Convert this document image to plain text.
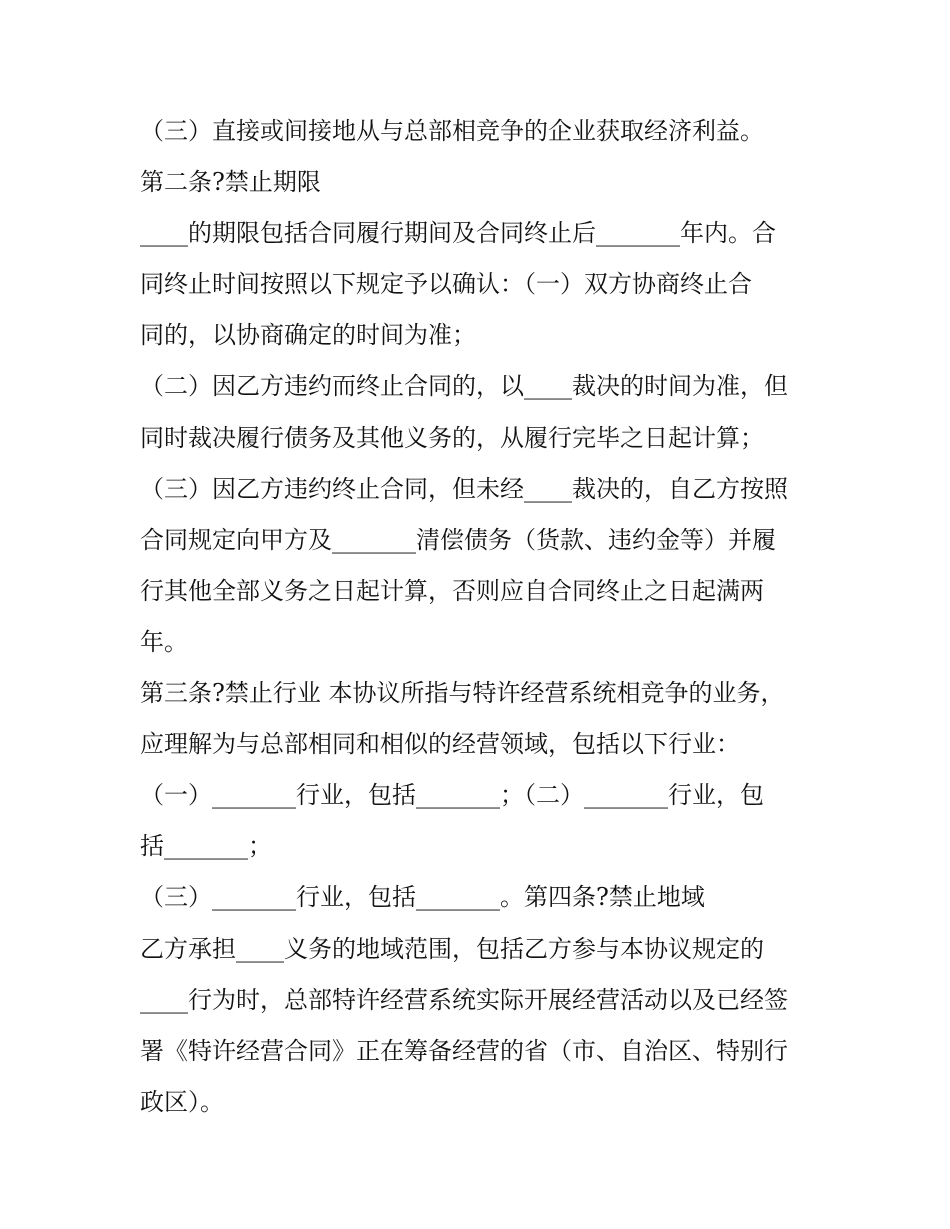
（三）直接或间接地从与总部相竞争的企业获取经济利益。
第二条?禁止期限
____的期限包括合同履行期间及合同终止后_______年内。合
同终止时间按照以下规定予以确认：（一）双方协商终止合
同的，以协商确定的时间为准；
（二）因乙方违约而终止合同的，以____裁决的时间为准，但
同时裁决履行债务及其他义务的，从履行完毕之日起计算；
（三）因乙方违约终止合同，但未经____裁决的，自乙方按照
合同规定向甲方及_______清偿债务（货款、违约金等）并履
行其他全部义务之日起计算，否则应自合同终止之日起满两
年。
第三条?禁止行业 本协议所指与特许经营系统相竞争的业务，
应理解为与总部相同和相似的经营领域，包括以下行业：
（一）_______行业，包括_______；（二）_______行业，包
括_______；
（三）_______行业，包括_______。第四条?禁止地域
乙方承担____义务的地域范围，包括乙方参与本协议规定的
____行为时，总部特许经营系统实际开展经营活动以及已经签
署《特许经营合同》正在筹备经营的省（市、自治区、特别行
政区）。
